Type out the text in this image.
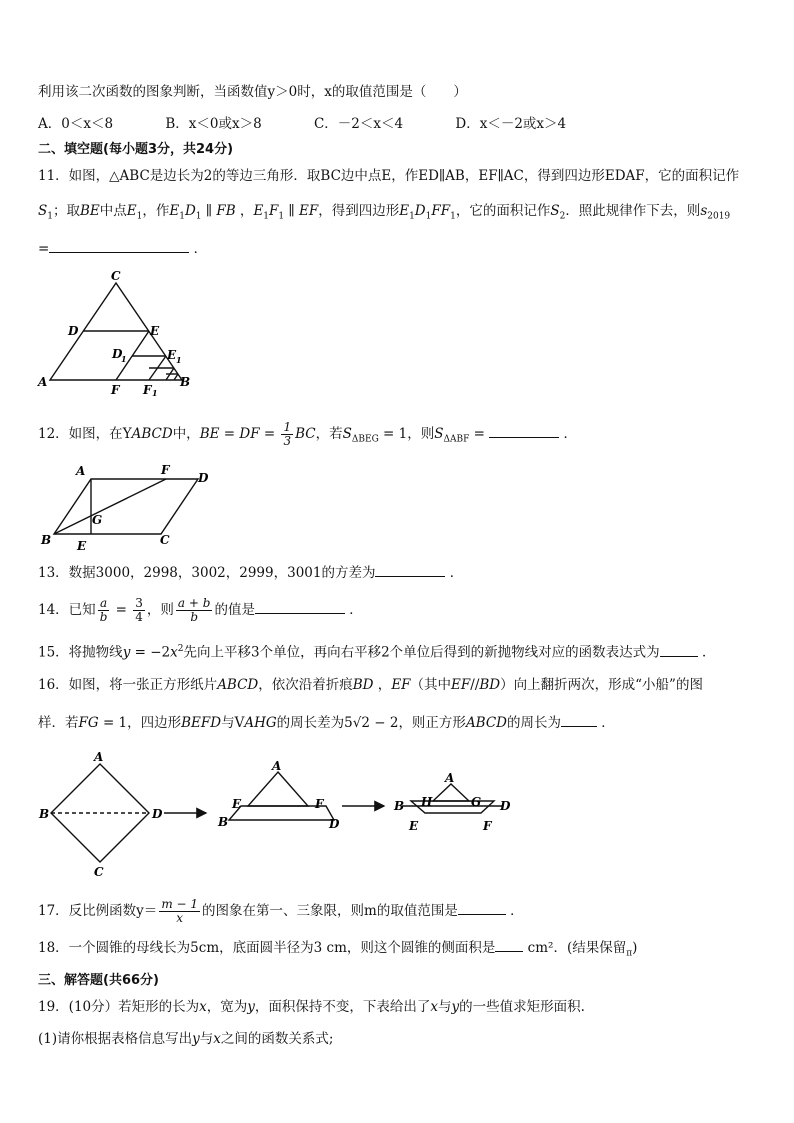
利用该二次函数的图象判断，当函数值y＞0时，x的取值范围是（　　）
A．0＜x＜8	B．x＜0或x＞8	C．－2＜x＜4	D．x＜－2或x＞4
二、填空题(每小题3分，共24分)
11．如图，△ABC是边长为2的等边三角形．取BC边中点E，作ED∥AB，EF∥AC，得到四边形EDAF，它的面积记作
$S_1$；取BE中点$E_1$，作$E_1D_1$ ∥ FB ，$E_1F_1$ ∥ EF，得到四边形$E_1D_1FF_1$，它的面积记作$S_2$．照此规律作下去，则$s_{2019}$
=	．
C
D	E
D
1	E 1
A
F F 1
B
12．如图，在YABCD中，BE = DF = $\frac{1}{3}$ BC，若$S_{\Delta BEG} = 1$，则$S_{\Delta ABF}$ =	．
A	F
D
G
B E	C
13．数据3000，2998，3002，2999，3001的方差为	．
14．已知 $\frac{a}{b} = \frac{3}{4}$ ，则 $\frac{a + b}{b}$ 的值是	．
15．将抛物线$y = -2x^2$先向上平移3个单位，再向右平移2个单位后得到的新抛物线对应的函数表达式为	．
16．如图，将一张正方形纸片ABCD，依次沿着折痕BD ，EF（其中EF//BD）向上翻折两次，形成“小船”的图
样．若FG = 1，四边形BEFD与VAHG的周长差为5√2 − 2，则正方形ABCD的周长为	．
A
B	D
C
A
E	F
B	D
A
H	G
B	D
E	F
17．反比例函数$y= \frac{m - 1}{x}$ 的图象在第一、三象限，则m的取值范围是	．
18．一个圆锥的母线长为5cm，底面圆半径为3 cm，则这个圆锥的侧面积是 cm²．(结果保留$_\pi$)
三、解答题(共66分)
19．(10分）若矩形的长为x，宽为y，面积保持不变，下表给出了x与y的一些值求矩形面积.
(1)请你根据表格信息写出y与x之间的函数关系式;
